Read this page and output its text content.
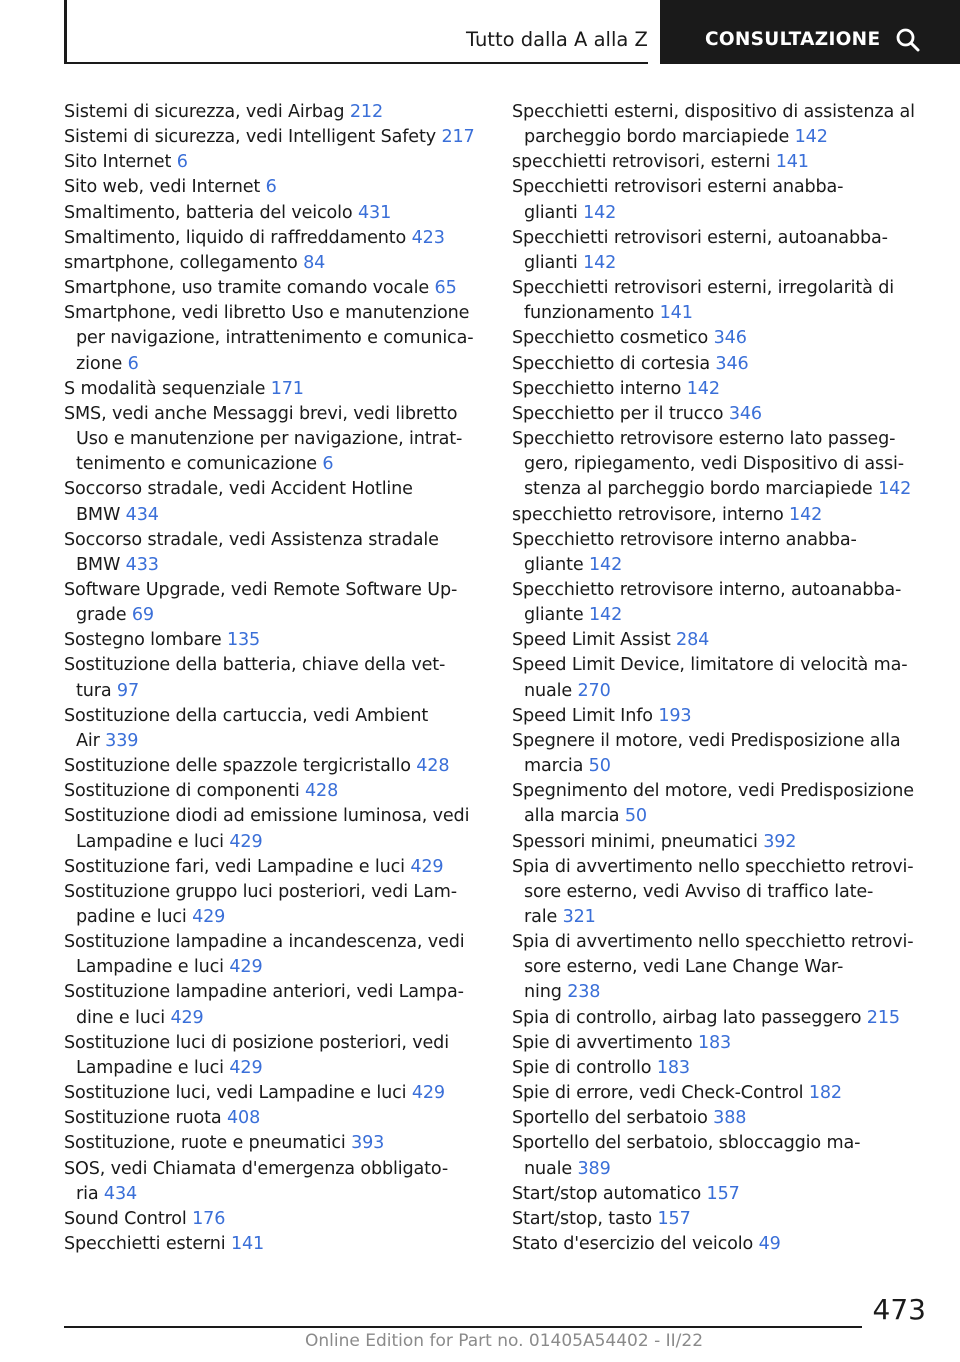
Tutto dalla A alla Z	CONSULTAZIONE
Sistemi di sicurezza, vedi Airbag 212
Sistemi di sicurezza, vedi Intelligent Safety 217
Sito Internet 6
Sito web, vedi Internet 6
Smaltimento, batteria del veicolo 431
Smaltimento, liquido di raffreddamento 423
smartphone, collegamento 84
Smartphone, uso tramite comando vocale 65
Smartphone, vedi libretto Uso e manutenzione
per navigazione, intrattenimento e comunica-
zione 6
S modalità sequenziale 171
SMS, vedi anche Messaggi brevi, vedi libretto
Uso e manutenzione per navigazione, intrat-
tenimento e comunicazione 6
Soccorso stradale, vedi Accident Hotline
BMW 434
Soccorso stradale, vedi Assistenza stradale
BMW 433
Software Upgrade, vedi Remote Software Up-
grade 69
Sostegno lombare 135
Sostituzione della batteria, chiave della vet-
tura 97
Sostituzione della cartuccia, vedi Ambient
Air 339
Sostituzione delle spazzole tergicristallo 428
Sostituzione di componenti 428
Sostituzione diodi ad emissione luminosa, vedi
Lampadine e luci 429
Sostituzione fari, vedi Lampadine e luci 429
Sostituzione gruppo luci posteriori, vedi Lam-
padine e luci 429
Sostituzione lampadine a incandescenza, vedi
Lampadine e luci 429
Sostituzione lampadine anteriori, vedi Lampa-
dine e luci 429
Sostituzione luci di posizione posteriori, vedi
Lampadine e luci 429
Sostituzione luci, vedi Lampadine e luci 429
Sostituzione ruota 408
Sostituzione, ruote e pneumatici 393
SOS, vedi Chiamata d'emergenza obbligato-
ria 434
Sound Control 176
Specchietti esterni 141
Specchietti esterni, dispositivo di assistenza al
parcheggio bordo marciapiede 142
specchietti retrovisori, esterni 141
Specchietti retrovisori esterni anabba-
glianti 142
Specchietti retrovisori esterni, autoanabba-
glianti 142
Specchietti retrovisori esterni, irregolarità di
funzionamento 141
Specchietto cosmetico 346
Specchietto di cortesia 346
Specchietto interno 142
Specchietto per il trucco 346
Specchietto retrovisore esterno lato passeg-
gero, ripiegamento, vedi Dispositivo di assi-
stenza al parcheggio bordo marciapiede 142
specchietto retrovisore, interno 142
Specchietto retrovisore interno anabba-
gliante 142
Specchietto retrovisore interno, autoanabba-
gliante 142
Speed Limit Assist 284
Speed Limit Device, limitatore di velocità ma-
nuale 270
Speed Limit Info 193
Spegnere il motore, vedi Predisposizione alla
marcia 50
Spegnimento del motore, vedi Predisposizione
alla marcia 50
Spessori minimi, pneumatici 392
Spia di avvertimento nello specchietto retrovi-
sore esterno, vedi Avviso di traffico late-
rale 321
Spia di avvertimento nello specchietto retrovi-
sore esterno, vedi Lane Change War-
ning 238
Spia di controllo, airbag lato passeggero 215
Spie di avvertimento 183
Spie di controllo 183
Spie di errore, vedi Check-Control 182
Sportello del serbatoio 388
Sportello del serbatoio, sbloccaggio ma-
nuale 389
Start/stop automatico 157
Start/stop, tasto 157
Stato d'esercizio del veicolo 49
473
Online Edition for Part no. 01405A54402 - II/22
